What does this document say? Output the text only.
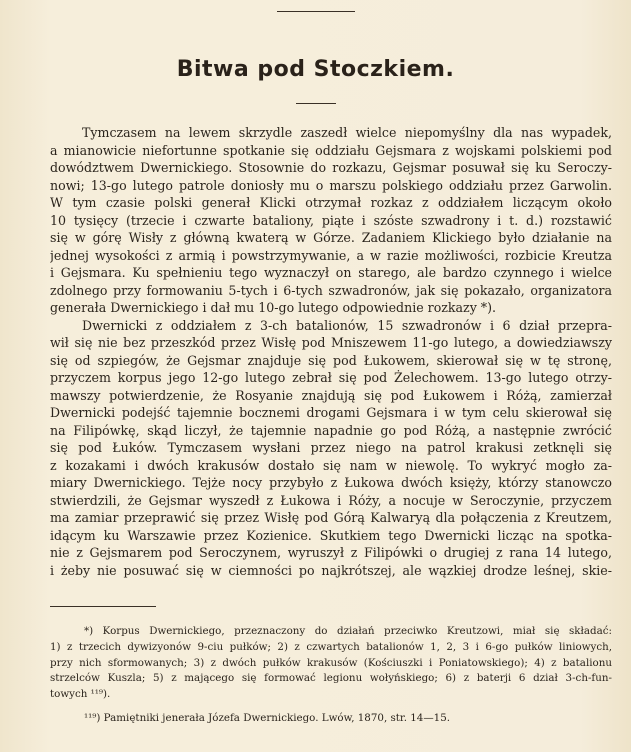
Bitwa pod Stoczkiem.
Tymczasem na lewem skrzydle zaszedł wielce niepomyślny dla nas wypadek,
a mianowicie niefortunne spotkanie się oddziału Gejsmara z wojskami polskiemi pod
dowództwem Dwernickiego. Stosownie do rozkazu, Gejsmar posuwał się ku Seroczy-
nowi; 13-go lutego patrole doniosły mu o marszu polskiego oddziału przez Garwolin.
W tym czasie polski generał Klicki otrzymał rozkaz z oddziałem liczącym około
10 tysięcy (trzecie i czwarte bataliony, piąte i szóste szwadrony i t. d.) rozstawić
się w górę Wisły z główną kwaterą w Górze. Zadaniem Klickiego było działanie na
jednej wysokości z armią i powstrzymywanie, a w razie możliwości, rozbicie Kreutza
i Gejsmara. Ku spełnieniu tego wyznaczył on starego, ale bardzo czynnego i wielce
zdolnego przy formowaniu 5-tych i 6-tych szwadronów, jak się pokazało, organizatora
generała Dwernickiego i dał mu 10-go lutego odpowiednie rozkazy *).
Dwernicki z oddziałem z 3-ch batalionów, 15 szwadronów i 6 dział przepra-
wił się nie bez przeszkód przez Wisłę pod Mniszewem 11-go lutego, a dowiedziawszy
się od szpiegów, że Gejsmar znajduje się pod Łukowem, skierował się w tę stronę,
przyczem korpus jego 12-go lutego zebrał się pod Żelechowem. 13-go lutego otrzy-
mawszy potwierdzenie, że Rosyanie znajdują się pod Łukowem i Różą, zamierzał
Dwernicki podejść tajemnie bocznemi drogami Gejsmara i w tym celu skierował się
na Filipówkę, skąd liczył, że tajemnie napadnie go pod Różą, a następnie zwrócić
się pod Łuków. Tymczasem wysłani przez niego na patrol krakusi zetknęli się
z kozakami i dwóch krakusów dostało się nam w niewolę. To wykryć mogło za-
miary Dwernickiego. Tejże nocy przybyło z Łukowa dwóch księży, którzy stanowczo
stwierdzili, że Gejsmar wyszedł z Łukowa i Róży, a nocuje w Seroczynie, przyczem
ma zamiar przeprawić się przez Wisłę pod Górą Kalwaryą dla połączenia z Kreutzem,
idącym ku Warszawie przez Kozienice. Skutkiem tego Dwernicki licząc na spotka-
nie z Gejsmarem pod Seroczynem, wyruszył z Filipówki o drugiej z rana 14 lutego,
i żeby nie posuwać się w ciemności po najkrótszej, ale wązkiej drodze leśnej, skie-
*) Korpus Dwernickiego, przeznaczony do działań przeciwko Kreutzowi, miał się składać:
1) z trzecich dywizyonów 9-ciu pułków; 2) z czwartych batalionów 1, 2, 3 i 6-go pułków liniowych,
przy nich sformowanych; 3) z dwóch pułków krakusów (Kościuszki i Poniatowskiego); 4) z batalionu
strzelców Kuszla; 5) z mającego się formować legionu wołyńskiego; 6) z baterji 6 dział 3-ch-fun-
towych ¹¹⁹).
¹¹⁹) Pamiętniki jenerała Józefa Dwernickiego. Lwów, 1870, str. 14—15.
